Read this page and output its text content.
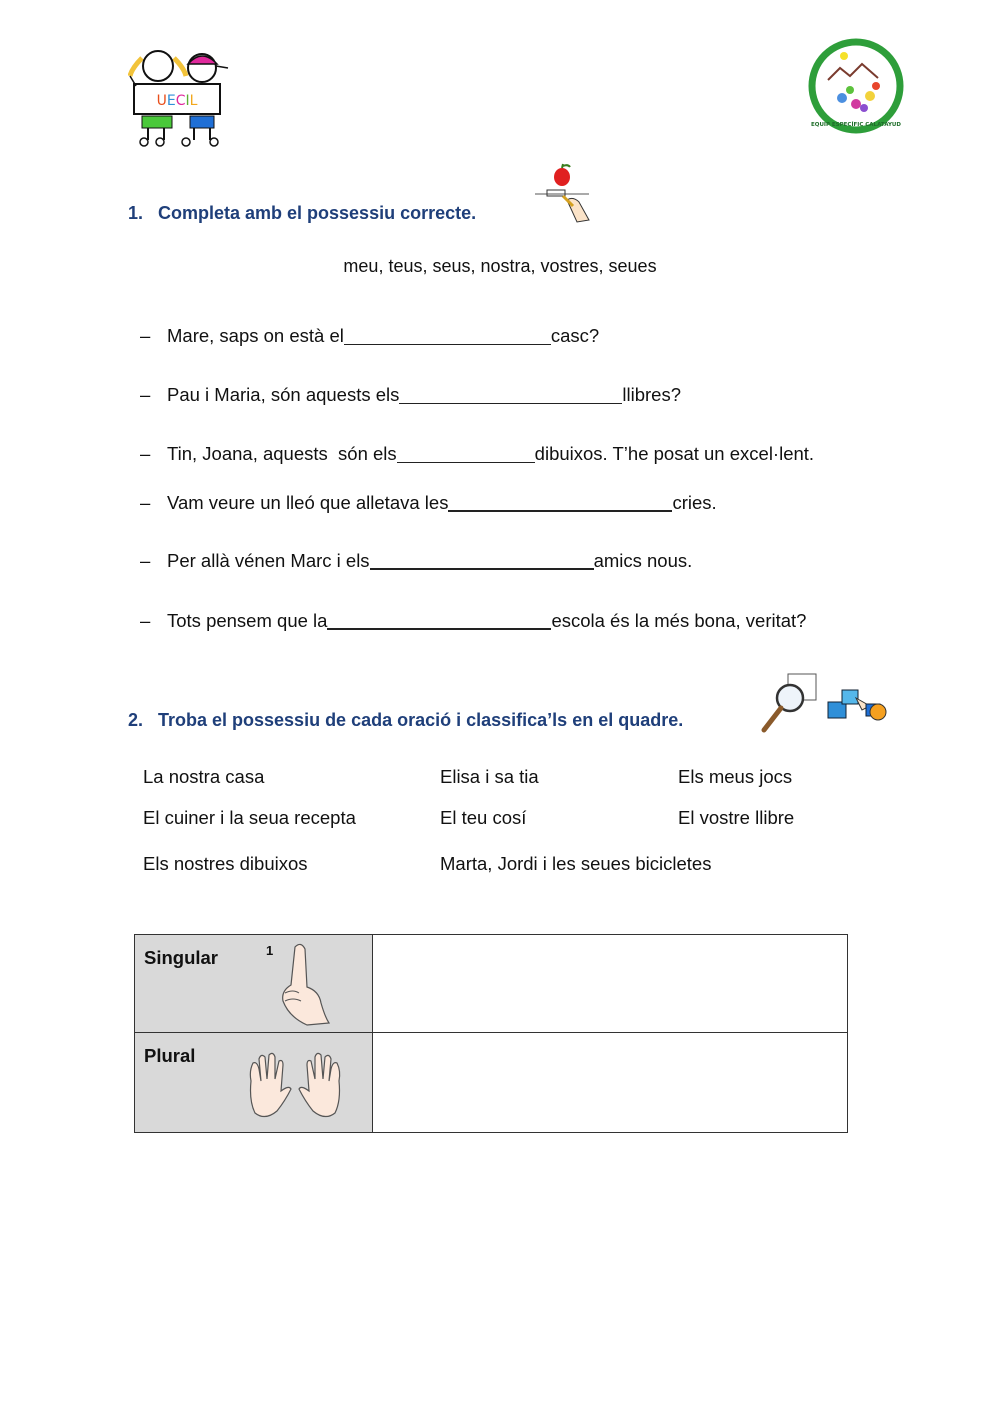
UECIL
EQUIP ESPECÍFIC CALATAYUD
1. Completa amb el possessiu correcte.
meu, teus, seus, nostra, vostres, seues
– Mare, saps on està el	casc?
– Pau i Maria, són aquests els	llibres?
– Tin, Joana, aquests  són els	dibuixos. T’he posat un excel·lent.
– Vam veure un lleó que alletava les	cries.
– Per allà vénen Marc i els	amics nous.
– Tots pensem que la	escola és la més bona, veritat?
2. Troba el possessiu de cada oració i classifica’ls en el quadre.
La nostra casa	Elisa i sa tia	Els meus jocs
El cuiner i la seua recepta	El teu cosí	El vostre llibre
Els nostres dibuixos	Marta, Jordi i les seues bicicletes
Singular 1	

Plural	
